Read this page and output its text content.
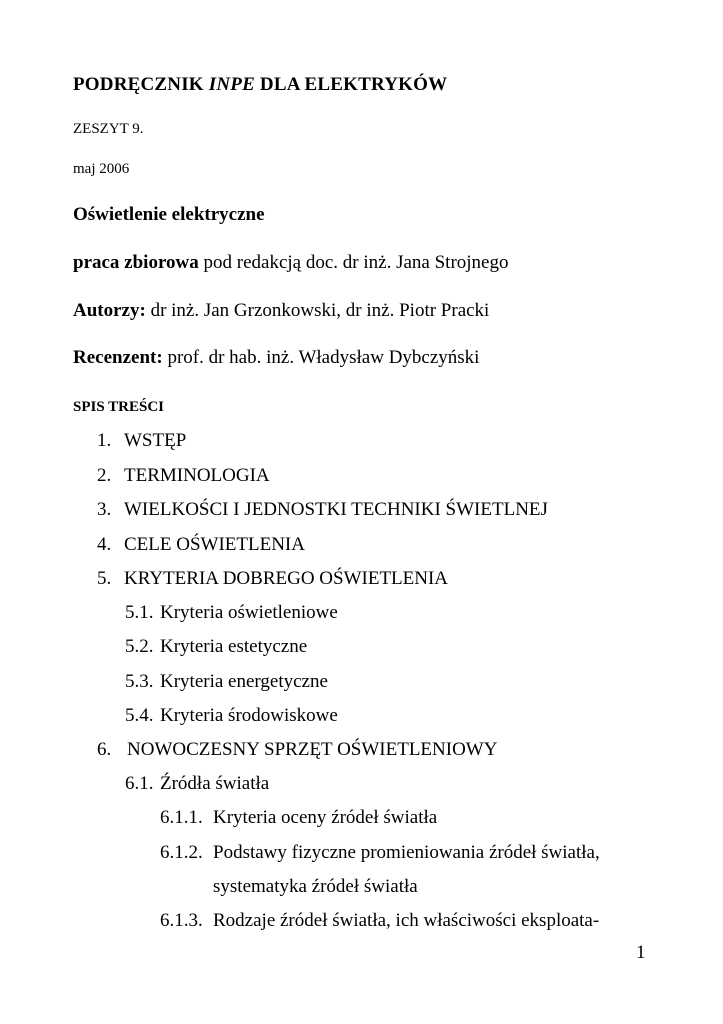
PODRĘCZNIK INPE DLA ELEKTRYKÓW
ZESZYT 9.
maj 2006
Oświetlenie elektryczne
praca zbiorowa pod redakcją doc. dr inż. Jana Strojnego
Autorzy: dr inż. Jan Grzonkowski, dr inż. Piotr Pracki
Recenzent: prof. dr hab. inż. Władysław Dybczyński
SPIS TREŚCI
1. WSTĘP
2. TERMINOLOGIA
3. WIELKOŚCI I JEDNOSTKI TECHNIKI ŚWIETLNEJ
4. CELE OŚWIETLENIA
5. KRYTERIA DOBREGO OŚWIETLENIA
5.1. Kryteria oświetleniowe
5.2. Kryteria estetyczne
5.3. Kryteria energetyczne
5.4. Kryteria środowiskowe
6. NOWOCZESNY SPRZĘT OŚWIETLENIOWY
6.1. Źródła światła
6.1.1. Kryteria oceny źródeł światła
6.1.2. Podstawy fizyczne promieniowania źródeł światła,
systematyka źródeł światła
6.1.3. Rodzaje źródeł światła, ich właściwości eksploata-
1
